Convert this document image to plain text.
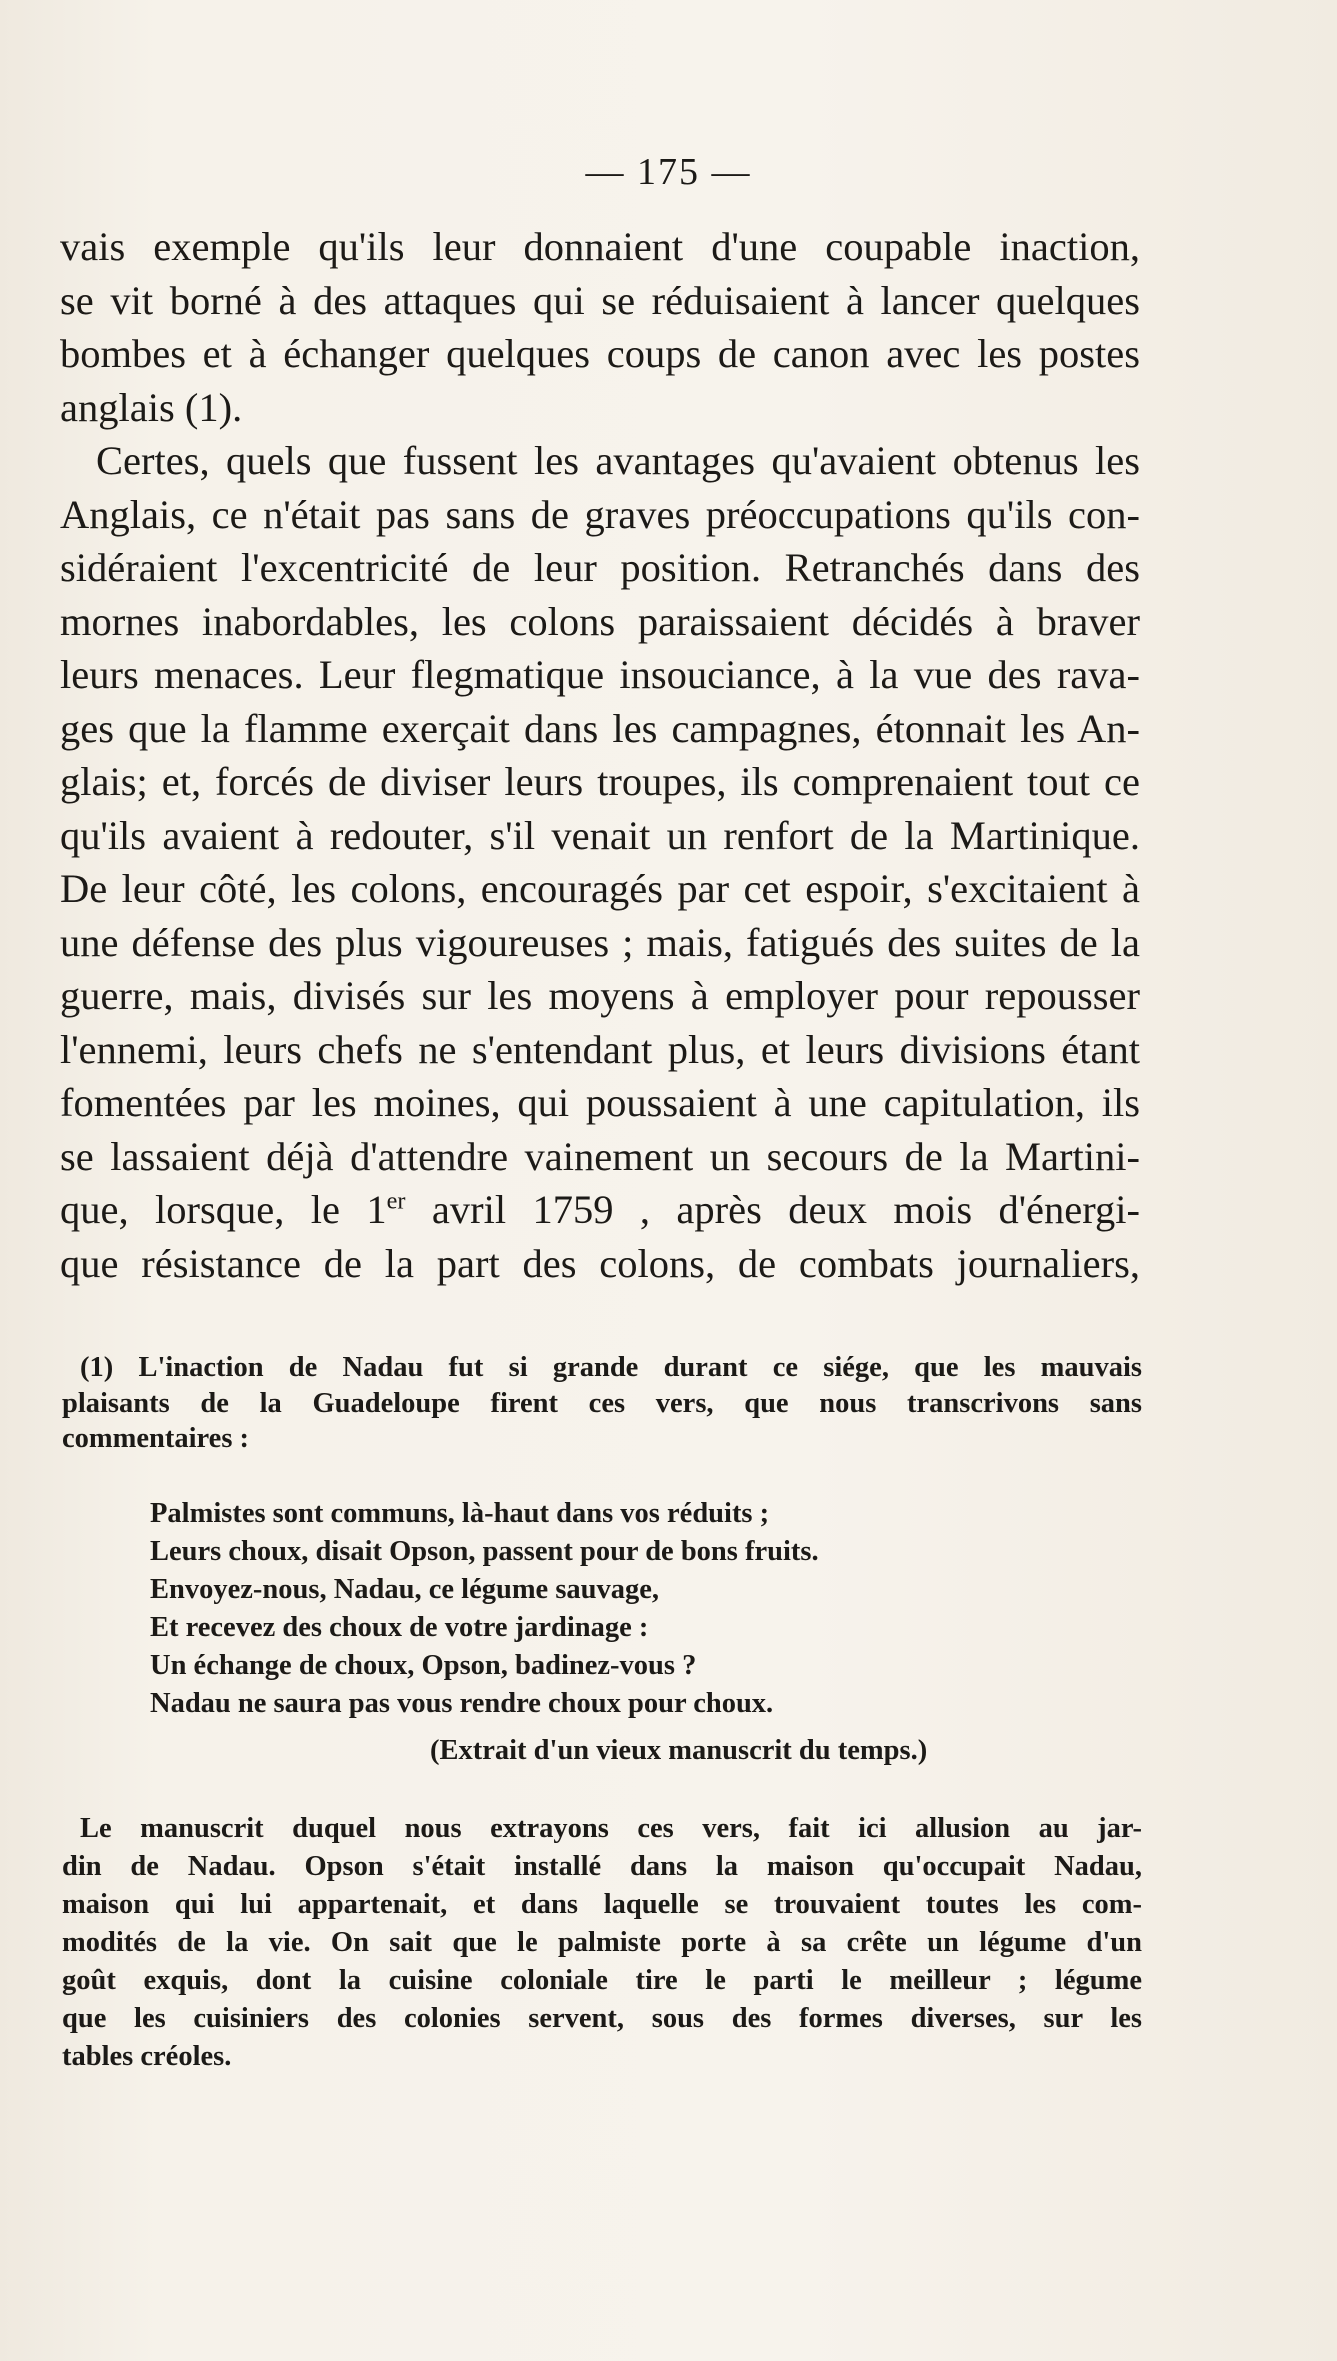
— 175 —
vais exemple qu'ils leur donnaient d'une coupable inaction,
se vit borné à des attaques qui se réduisaient à lancer quelques
bombes et à échanger quelques coups de canon avec les postes
anglais (1).
Certes, quels que fussent les avantages qu'avaient obtenus les
Anglais, ce n'était pas sans de graves préoccupations qu'ils con-
sidéraient l'excentricité de leur position. Retranchés dans des
mornes inabordables, les colons paraissaient décidés à braver
leurs menaces. Leur flegmatique insouciance, à la vue des rava-
ges que la flamme exerçait dans les campagnes, étonnait les An-
glais; et, forcés de diviser leurs troupes, ils comprenaient tout ce
qu'ils avaient à redouter, s'il venait un renfort de la Martinique.
De leur côté, les colons, encouragés par cet espoir, s'excitaient à
une défense des plus vigoureuses ; mais, fatigués des suites de la
guerre, mais, divisés sur les moyens à employer pour repousser
l'ennemi, leurs chefs ne s'entendant plus, et leurs divisions étant
fomentées par les moines, qui poussaient à une capitulation, ils
se lassaient déjà d'attendre vainement un secours de la Martini-
que, lorsque, le 1er avril 1759 , après deux mois d'énergi-
que résistance de la part des colons, de combats journaliers,
(1) L'inaction de Nadau fut si grande durant ce siége, que les mauvais
plaisants de la Guadeloupe firent ces vers, que nous transcrivons sans
commentaires :
Palmistes sont communs, là-haut dans vos réduits ;
Leurs choux, disait Opson, passent pour de bons fruits.
Envoyez-nous, Nadau, ce légume sauvage,
Et recevez des choux de votre jardinage :
Un échange de choux, Opson, badinez-vous ?
Nadau ne saura pas vous rendre choux pour choux.
(Extrait d'un vieux manuscrit du temps.)
Le manuscrit duquel nous extrayons ces vers, fait ici allusion au jar-
din de Nadau. Opson s'était installé dans la maison qu'occupait Nadau,
maison qui lui appartenait, et dans laquelle se trouvaient toutes les com-
modités de la vie. On sait que le palmiste porte à sa crête un légume d'un
goût exquis, dont la cuisine coloniale tire le parti le meilleur ; légume
que les cuisiniers des colonies servent, sous des formes diverses, sur les
tables créoles.
